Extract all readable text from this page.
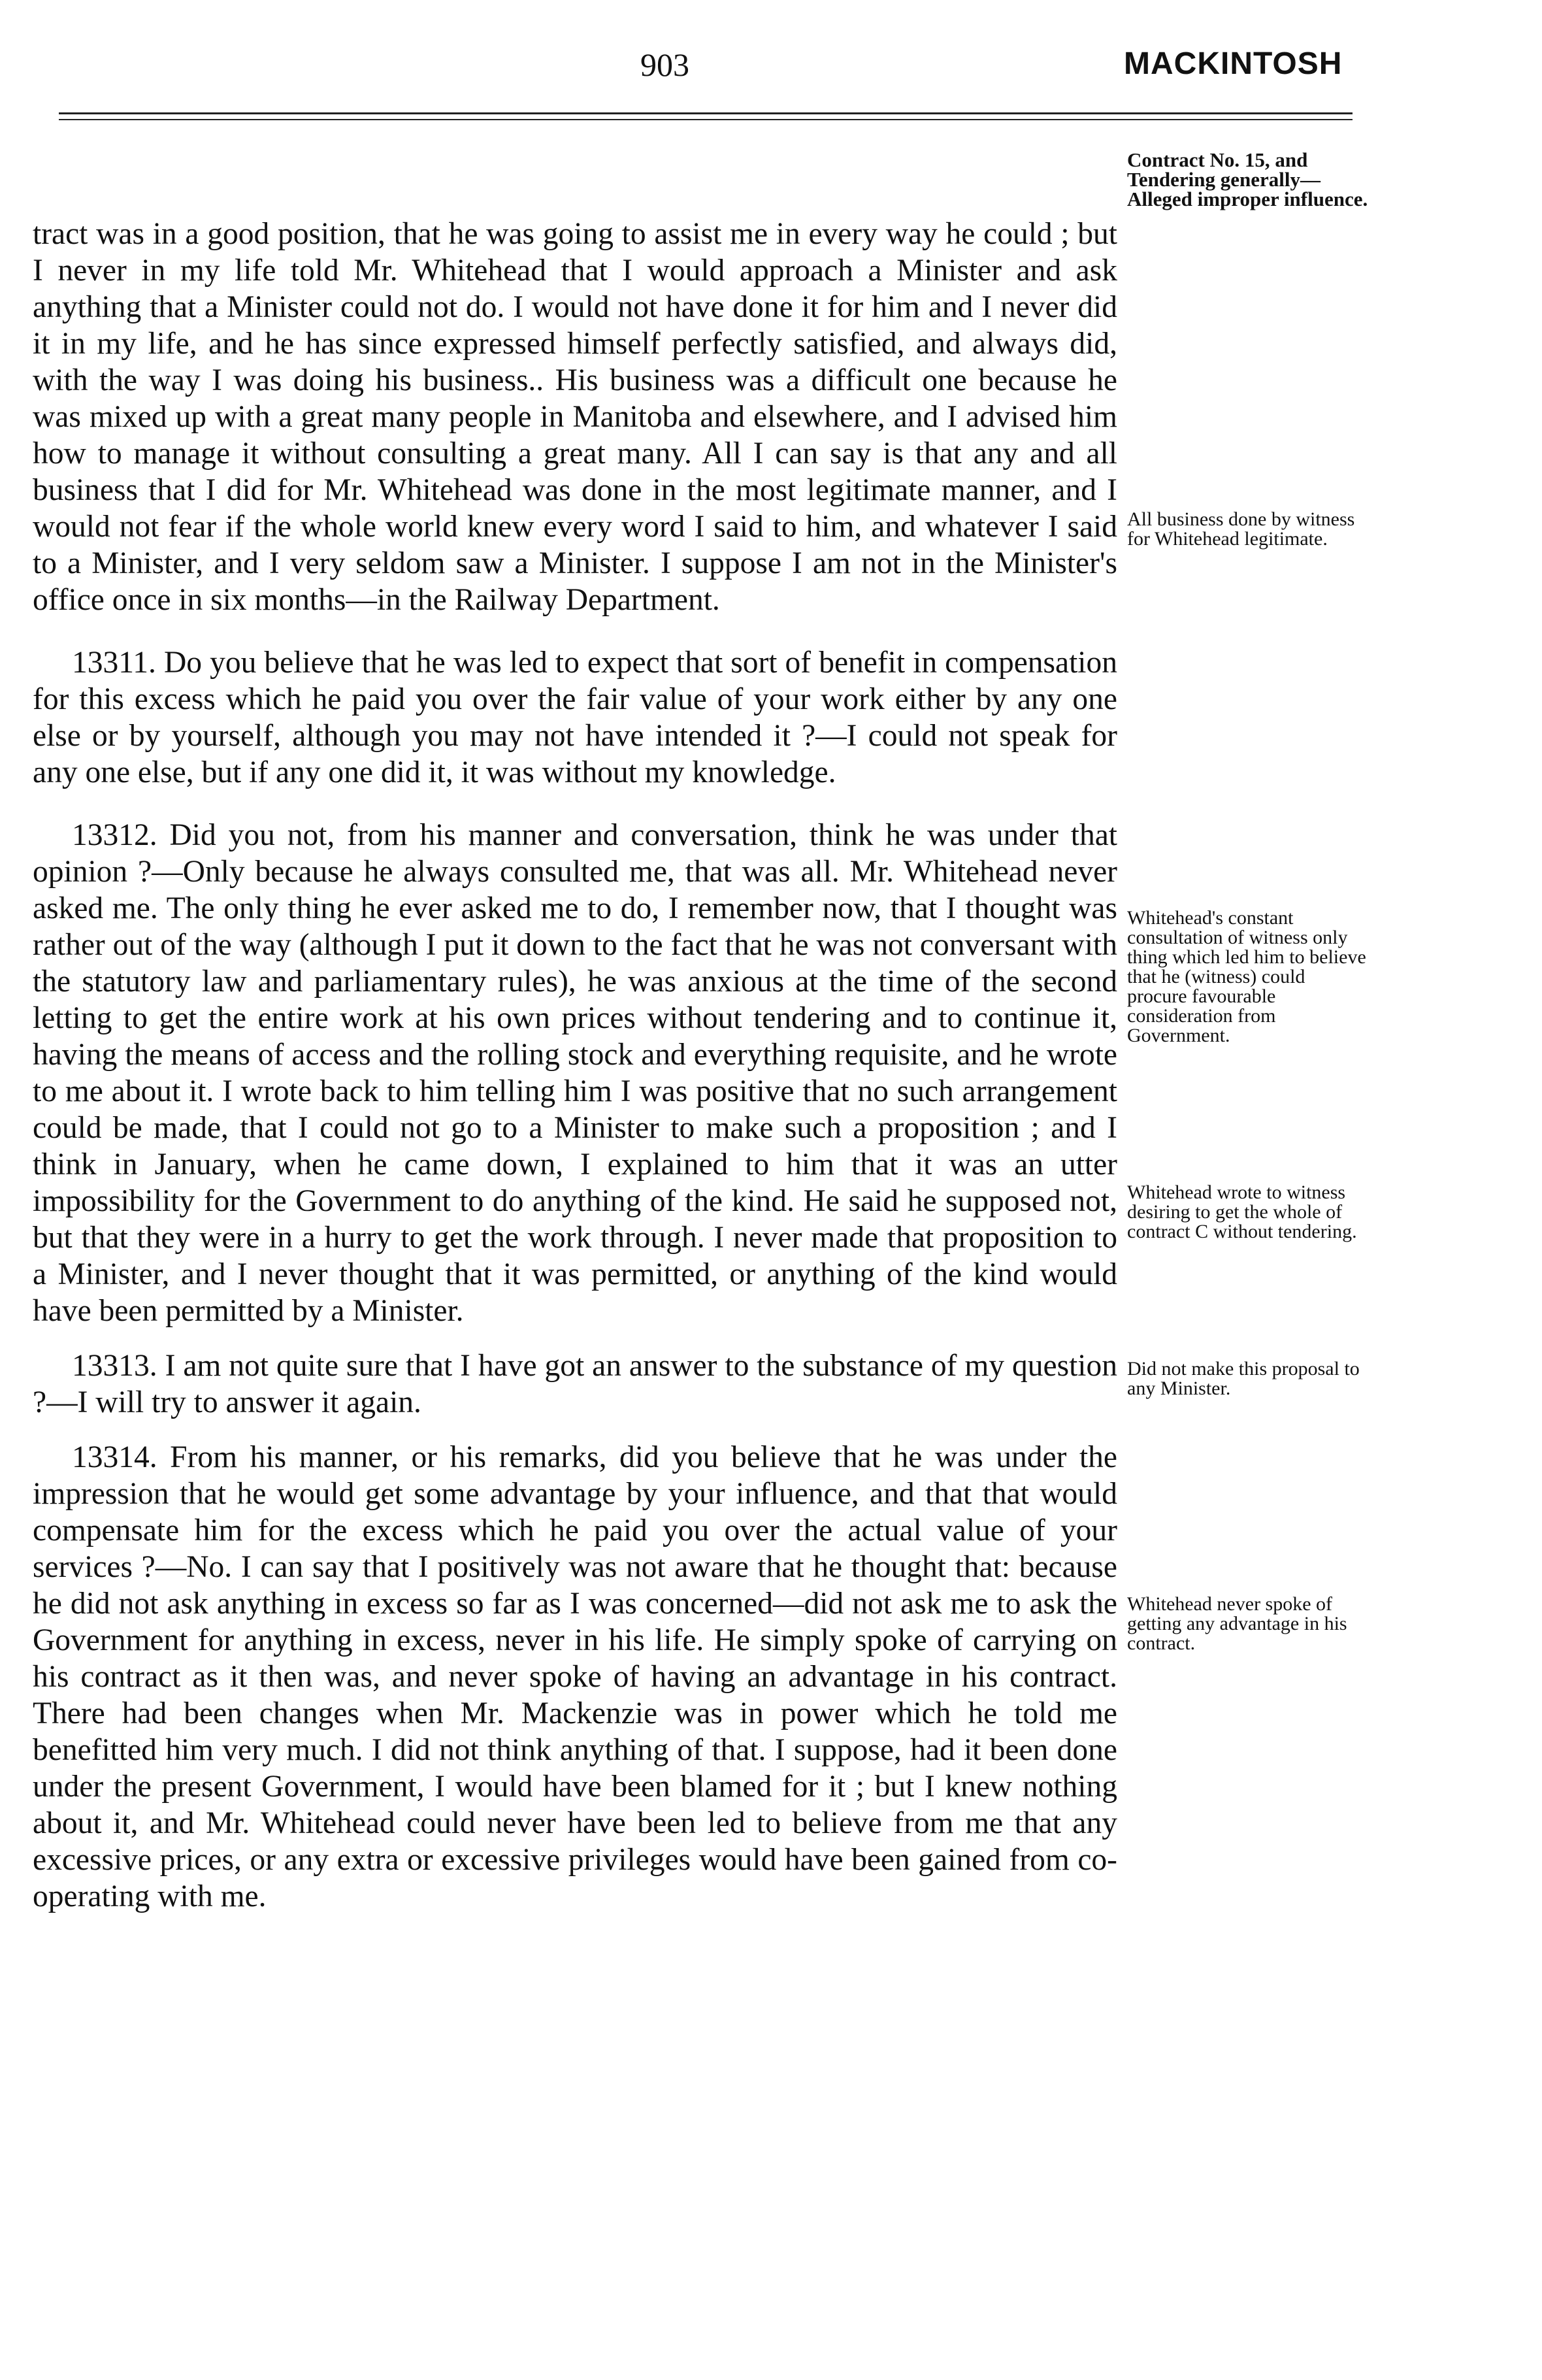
903	MACKINTOSH

tract was in a good position, that he was going to assist me in every way he could ; but I never in my life told Mr. Whitehead that I would approach a Minister and ask anything that a Minister could not do. I would not have done it for him and I never did it in my life, and he has since expressed himself perfectly satisfied, and always did, with the way I was doing his business.. His business was a difficult one because he was mixed up with a great many people in Manitoba and elsewhere, and I advised him how to manage it without consulting a great many. All I can say is that any and all business that I did for Mr. Whitehead was done in the most legitimate manner, and I would not fear if the whole world knew every word I said to him, and whatever I said to a Minister, and I very seldom saw a Minister. I suppose I am not in the Minister's office once in six months—in the Railway Department.

13311. Do you believe that he was led to expect that sort of benefit in compensation for this excess which he paid you over the fair value of your work either by any one else or by yourself, although you may not have intended it ?—I could not speak for any one else, but if any one did it, it was without my knowledge.

13312. Did you not, from his manner and conversation, think he was under that opinion ?—Only because he always consulted me, that was all. Mr. Whitehead never asked me. The only thing he ever asked me to do, I remember now, that I thought was rather out of the way (although I put it down to the fact that he was not conversant with the statutory law and parliamentary rules), he was anxious at the time of the second letting to get the entire work at his own prices without tendering and to continue it, having the means of access and the rolling stock and everything requisite, and he wrote to me about it. I wrote back to him telling him I was positive that no such arrangement could be made, that I could not go to a Minister to make such a proposition ; and I think in January, when he came down, I explained to him that it was an utter impossibility for the Government to do anything of the kind. He said he supposed not, but that they were in a hurry to get the work through. I never made that proposition to a Minister, and I never thought that it was permitted, or anything of the kind would have been permitted by a Minister.

13313. I am not quite sure that I have got an answer to the substance of my question ?—I will try to answer it again.

13314. From his manner, or his remarks, did you believe that he was under the impression that he would get some advantage by your influence, and that that would compensate him for the excess which he paid you over the actual value of your services ?—No. I can say that I positively was not aware that he thought that: because he did not ask anything in excess so far as I was concerned—did not ask me to ask the Government for anything in excess, never in his life. He simply spoke of carrying on his contract as it then was, and never spoke of having an advantage in his contract. There had been changes when Mr. Mackenzie was in power which he told me benefitted him very much. I did not think anything of that. I suppose, had it been done under the present Government, I would have been blamed for it ; but I knew nothing about it, and Mr. Whitehead could never have been led to believe from me that any excessive prices, or any extra or excessive privileges would have been gained from co-operating with me.

Contract No. 15, and Tendering generally— Alleged improper influence.
All business done by witness for Whitehead legitimate.
Whitehead's constant consultation of witness only thing which led him to believe that he (witness) could procure favourable consideration from Government.
Whitehead wrote to witness desiring to get the whole of contract C without tendering.
Did not make this proposal to any Minister.
Whitehead never spoke of getting any advantage in his contract.
